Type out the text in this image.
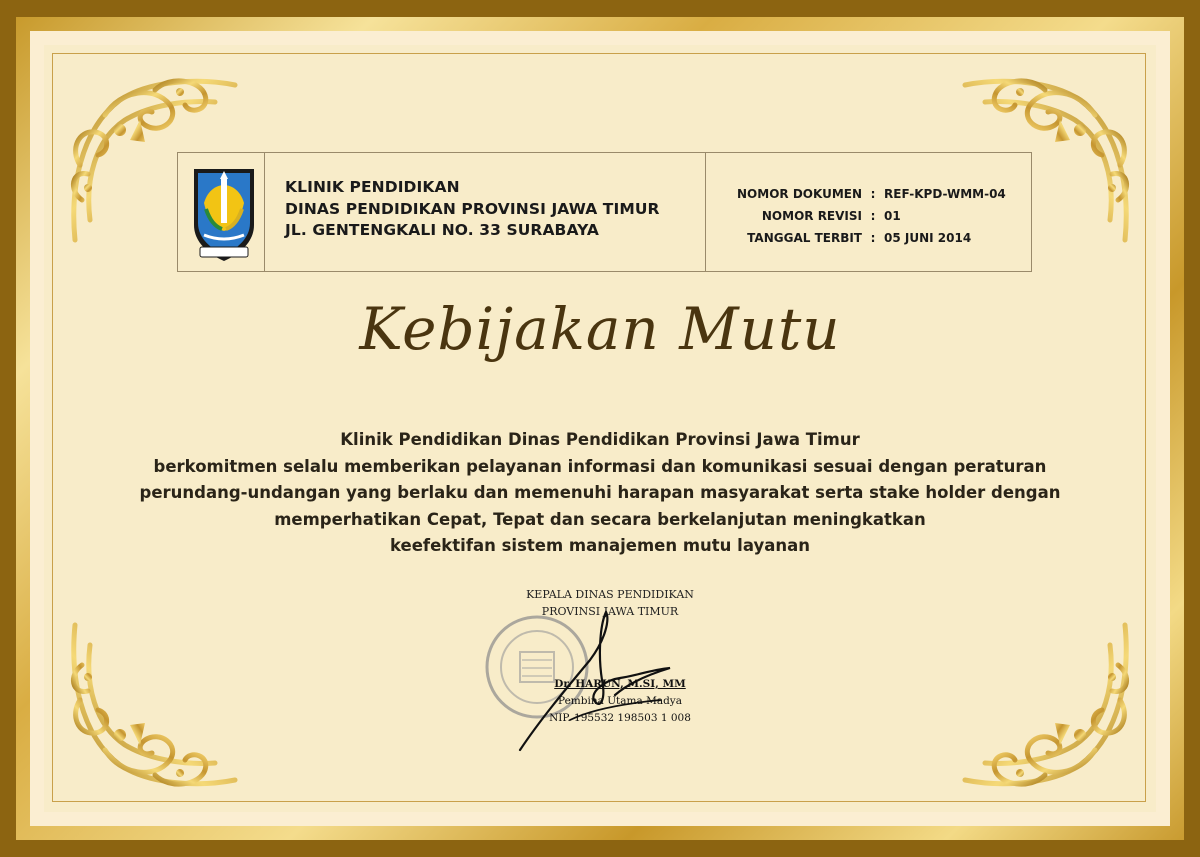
KLINIK PENDIDIKAN
DINAS PENDIDIKAN PROVINSI JAWA TIMUR
JL. GENTENGKALI NO. 33 SURABAYA
NOMOR DOKUMEN : REF-KPD-WMM-04
NOMOR REVISI : 01
TANGGAL TERBIT : 05 JUNI 2014
Kebijakan Mutu
Klinik Pendidikan Dinas Pendidikan Provinsi Jawa Timur
berkomitmen selalu memberikan pelayanan informasi dan komunikasi sesuai dengan peraturan
perundang-undangan yang berlaku dan memenuhi harapan masyarakat serta stake holder dengan
memperhatikan Cepat, Tepat dan secara berkelanjutan meningkatkan
keefektifan sistem manajemen mutu layanan
KEPALA DINAS PENDIDIKAN
PROVINSI JAWA TIMUR
Dr. HARUN, M.SI, MM
Pembina Utama Madya
NIP. 195532 198503 1 008
